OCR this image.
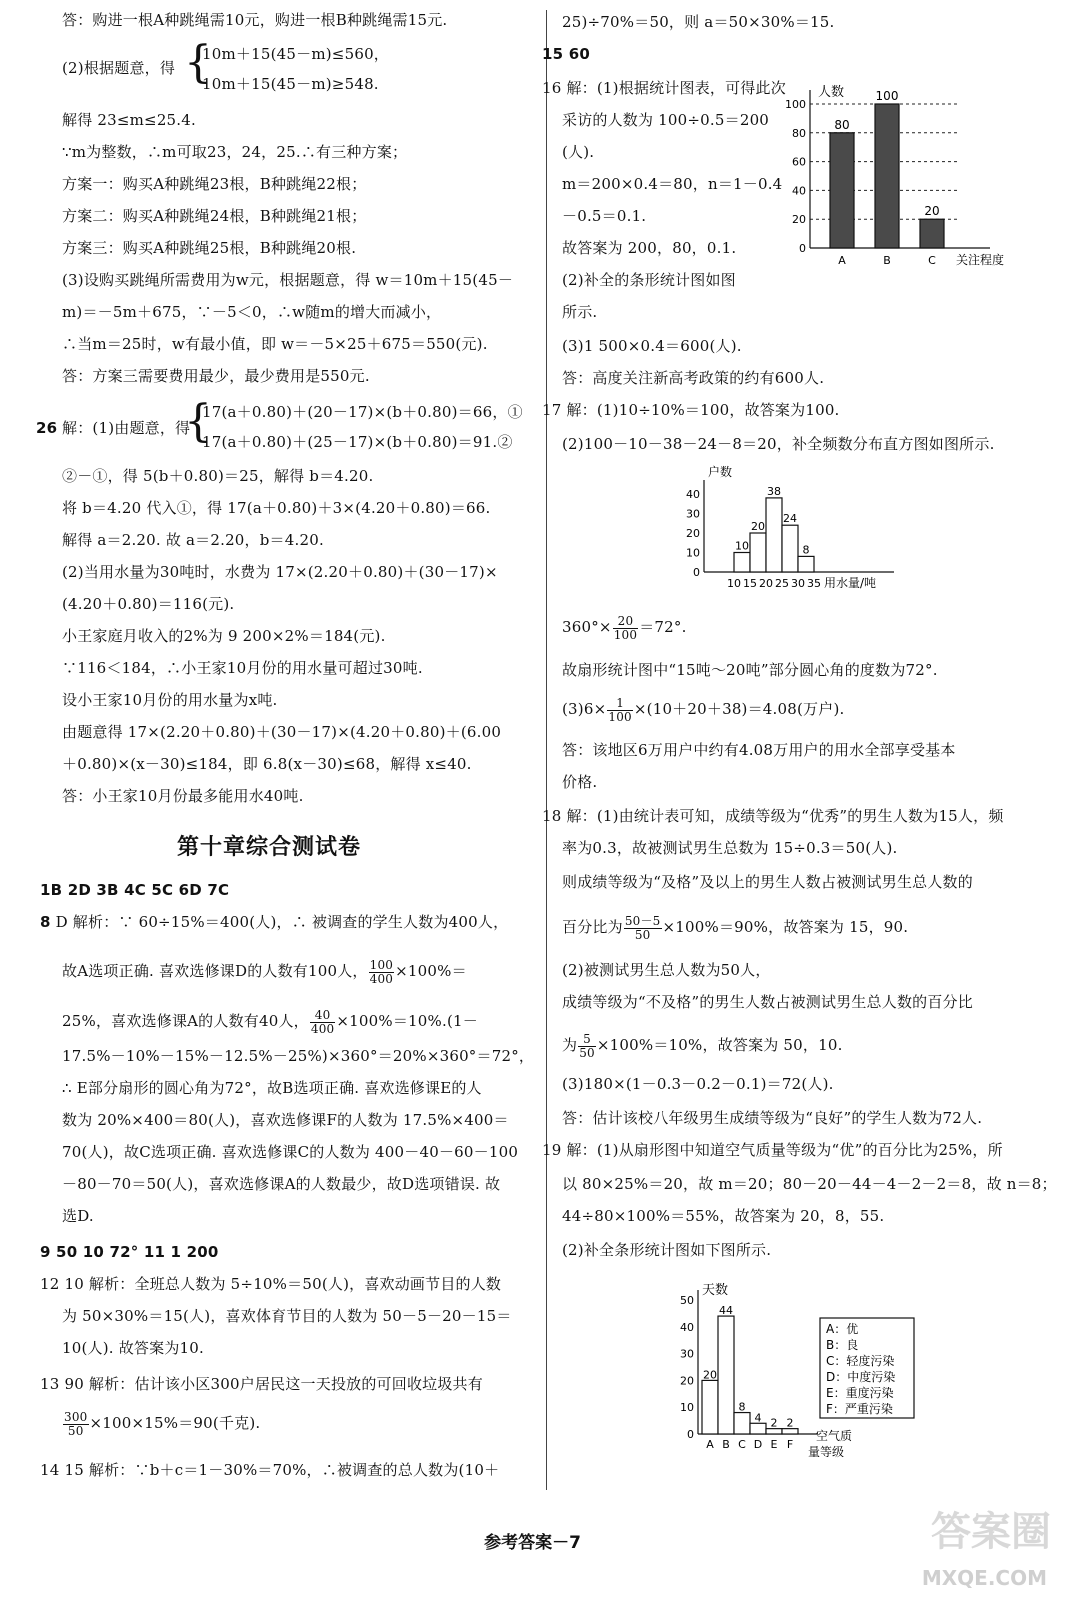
答：购进一根A种跳绳需10元，购进一根B种跳绳需15元.
(2)根据题意，得 {
10m＋15(45－m)≤560，
10m＋15(45－m)≥548.
解得 23≤m≤25.4.
∵m为整数，∴m可取23，24，25.∴有三种方案；
方案一：购买A种跳绳23根，B种跳绳22根；
方案二：购买A种跳绳24根，B种跳绳21根；
方案三：购买A种跳绳25根，B种跳绳20根.
(3)设购买跳绳所需费用为w元，根据题意，得 w＝10m＋15(45－
m)＝－5m＋675，∵－5＜0，∴w随m的增大而减小，
∴当m＝25时，w有最小值，即 w＝－5×25＋675＝550(元).
答：方案三需要费用最少，最少费用是550元.
26 解：(1)由题意，得
{
17(a＋0.80)＋(20－17)×(b＋0.80)＝66，①
17(a＋0.80)＋(25－17)×(b＋0.80)＝91.②
②－①，得 5(b＋0.80)＝25，解得 b＝4.20.
将 b＝4.20 代入①，得 17(a＋0.80)＋3×(4.20＋0.80)＝66.
解得 a＝2.20. 故 a＝2.20，b＝4.20.
(2)当用水量为30吨时，水费为 17×(2.20＋0.80)＋(30－17)×
(4.20＋0.80)＝116(元).
小王家庭月收入的2%为 9 200×2%＝184(元).
∵116＜184，∴小王家10月份的用水量可超过30吨.
设小王家10月份的用水量为x吨.
由题意得 17×(2.20＋0.80)＋(30－17)×(4.20＋0.80)＋(6.00
＋0.80)×(x－30)≤184，即 6.8(x－30)≤68，解得 x≤40.
答：小王家10月份最多能用水40吨.
第十章综合测试卷
1B 2D 3B 4C 5C 6D 7C
8 D 解析：∵ 60÷15%＝400(人)，∴ 被调查的学生人数为400人，
故A选项正确. 喜欢选修课D的人数有100人， $\frac{100}{400} \times 100\%=$
25%，喜欢选修课A的人数有40人， $\frac{40}{400} \times 100\%=10\%.(1-$
17.5%－10%－15%－12.5%－25%)×360°＝20%×360°＝72°，
∴ E部分扇形的圆心角为72°，故B选项正确. 喜欢选修课E的人
数为 20%×400＝80(人)，喜欢选修课F的人数为 17.5%×400＝
70(人)，故C选项正确. 喜欢选修课C的人数为 400－40－60－100
－80－70＝50(人)，喜欢选修课A的人数最少，故D选项错误. 故
选D.
9 50 10 72° 11 1 200
12 10 解析：全班总人数为 5÷10%＝50(人)，喜欢动画节目的人数
为 50×30%＝15(人)，喜欢体育节目的人数为 50－5－20－15＝
10(人). 故答案为10.
13 90 解析：估计该小区300户居民这一天投放的可回收垃圾共有
$\frac{300}{50} \times 100\times 15\%=90$(千克).
14 15 解析：∵b＋c＝1－30%＝70%，∴被调查的总人数为(10＋
25)÷70%＝50，则 a＝50×30%＝15.
15 60
16 解：(1)根据统计图表，可得此次
采访的人数为 100÷0.5＝200
(人).
m＝200×0.4＝80，n＝1－0.4
－0.5＝0.1.
故答案为 200，80，0.1.
(2)补全的条形统计图如图
所示.
(3)1 500×0.4＝600(人).
答：高度关注新高考政策的约有600人.
17 解：(1)10÷10%＝100，故答案为100.
(2)100－10－38－24－8＝20，补全频数分布直方图如图所示.
$360^\circ\times \frac{20}{100} =72^\circ$.
故扇形统计图中“15吨～20吨”部分圆心角的度数为72°.
$(3)6\times \frac{1}{100} \times(10+20+38)=4.08$(万户).
答：该地区6万用户中约有4.08万用户的用水全部享受基本
价格.
18 解：(1)由统计表可知，成绩等级为“优秀”的男生人数为15人，频
率为0.3，故被测试男生总数为 15÷0.3＝50(人).
则成绩等级为“及格”及以上的男生人数占被测试男生总人数的
百分比为 $\frac{50-5}{50} \times 100\%=90\%$，故答案为 15，90.
(2)被测试男生总人数为50人，
成绩等级为“不及格”的男生人数占被测试男生总人数的百分比
为 $\frac{5}{50} \times 100\%=10\%$，故答案为 50，10.
(3)180×(1－0.3－0.2－0.1)＝72(人).
答：估计该校八年级男生成绩等级为“良好”的学生人数为72人.
19 解：(1)从扇形图中知道空气质量等级为“优”的百分比为25%，所
以 80×25%＝20，故 m＝20；80－20－44－4－2－2＝8，故 n＝8；
44÷80×100%＝55%，故答案为 20，8，55.
(2)补全条形统计图如下图所示.
人数
0
20
40
60
80
100
80
A
100
B
20
C 关注程度
户数
0
10
20
30
40
10
20
38
24
8
10 15 20 25 30 35 用水量/吨
天数
0
10
20
30
40
50
20
A
44
B
8
C
4
D
2
E
2
F
空气质
量等级
A：优
B：良
C：轻度污染
D：中度污染
E：重度污染
F：严重污染
参考答案－7	答案圈
MXQE.COM
